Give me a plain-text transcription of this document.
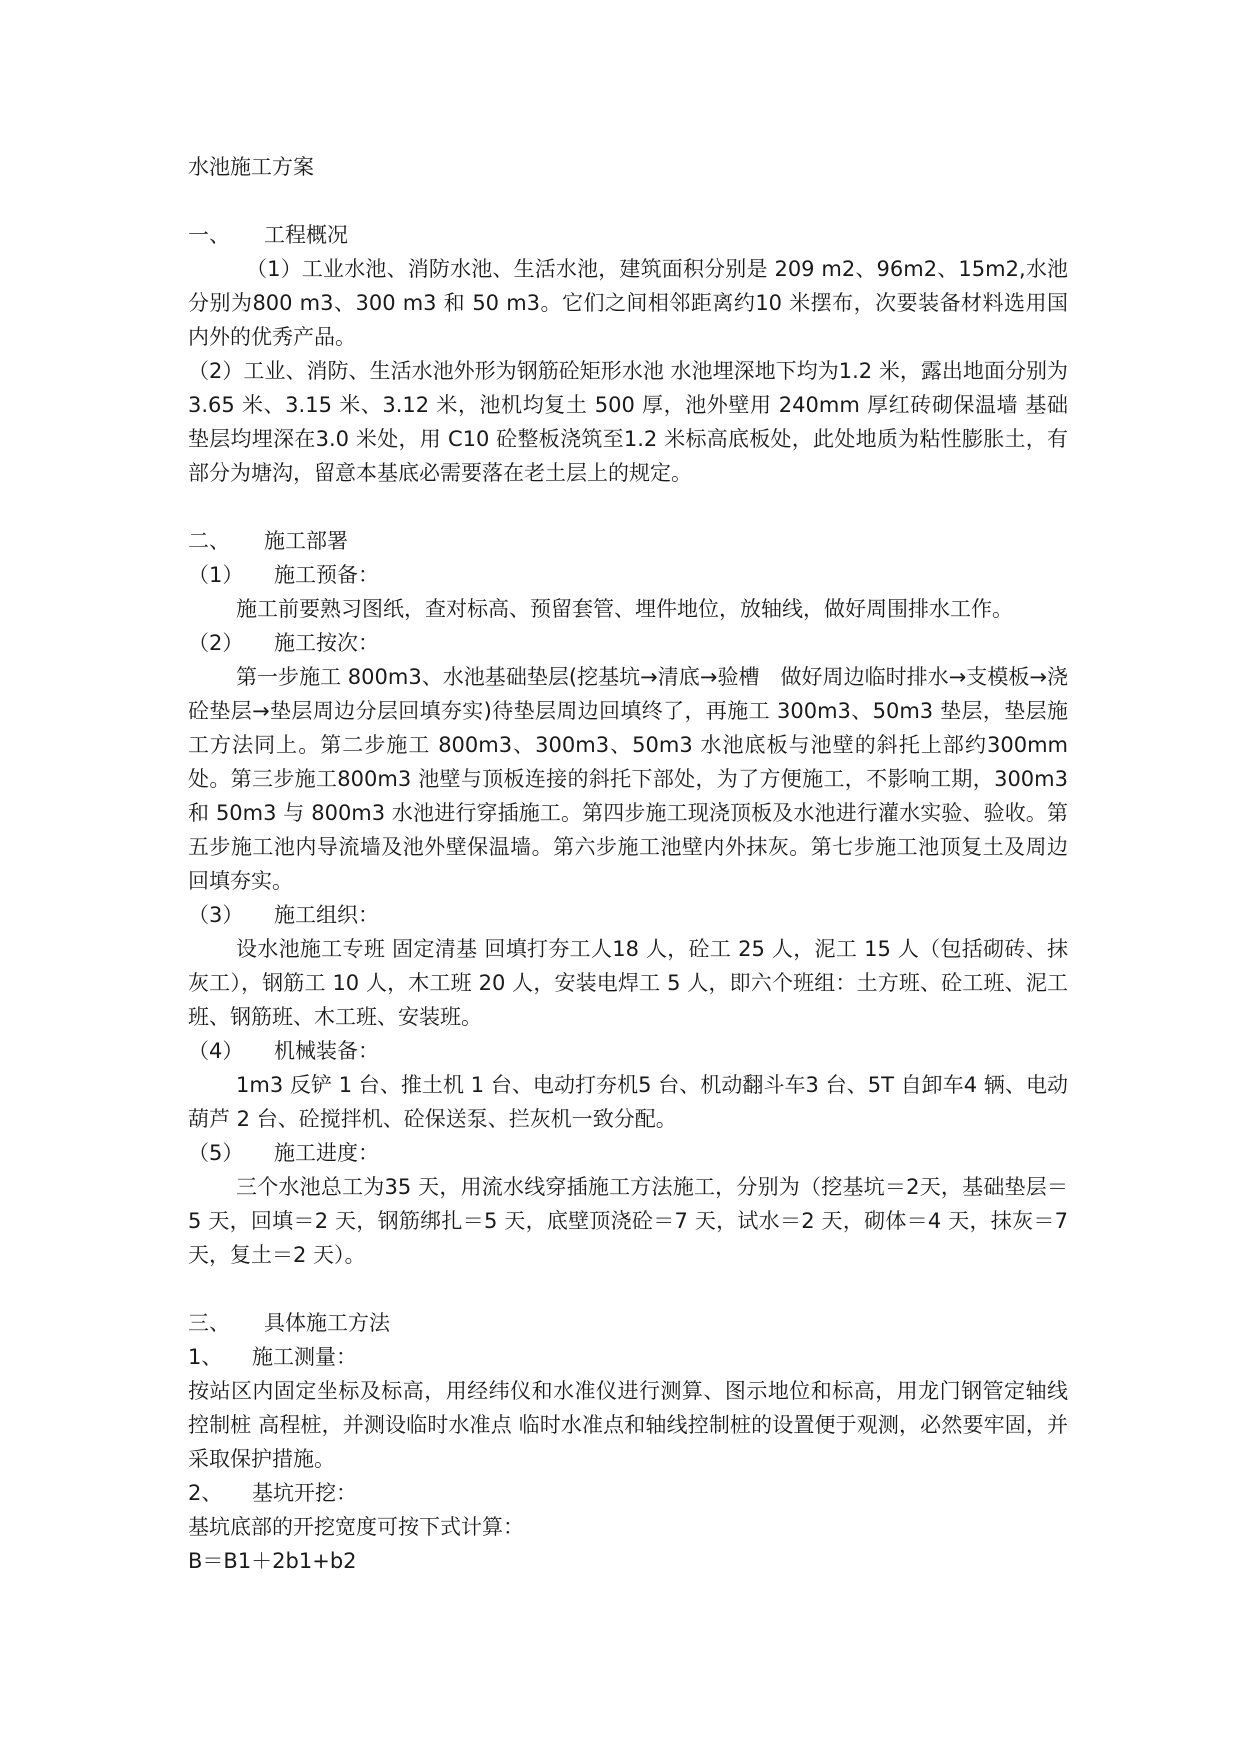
水池施工方案
一、	工程概况

（1）工业水池、消防水池、生活水池，建筑面积分别是 209 m2、96m2、15m2,水池分别为800 m3、300 m3 和 50 m3。它们之间相邻距离约10 米摆布，次要装备材料选用国内外的优秀产品。

（2）工业、消防、生活水池外形为钢筋砼矩形水池 水池埋深地下均为1.2 米，露出地面分别为 3.65 米、3.15 米、3.12 米，池机均复土 500 厚，池外壁用 240mm 厚红砖砌保温墙 基础垫层均埋深在3.0 米处，用 C10 砼整板浇筑至1.2 米标高底板处，此处地质为粘性膨胀土，有部分为塘沟，留意本基底必需要落在老土层上的规定。

二、	施工部署
（1）	施工预备：

施工前要熟习图纸，查对标高、预留套管、埋件地位，放轴线，做好周围排水工作。

（2）	施工按次：

第一步施工 800m3、水池基础垫层(挖基坑→清底→验槽　做好周边临时排水→支模板→浇砼垫层→垫层周边分层回填夯实)待垫层周边回填终了，再施工 300m3、50m3 垫层，垫层施工方法同上。第二步施工 800m3、300m3、50m3 水池底板与池壁的斜托上部约300mm 处。第三步施工800m3 池壁与顶板连接的斜托下部处，为了方便施工，不影响工期，300m3 和 50m3 与 800m3 水池进行穿插施工。第四步施工现浇顶板及水池进行灌水实验、验收。第五步施工池内导流墙及池外壁保温墙。第六步施工池壁内外抹灰。第七步施工池顶复土及周边回填夯实。

（3）	施工组织：

设水池施工专班 固定清基 回填打夯工人18 人，砼工 25 人，泥工 15 人（包括砌砖、抹灰工），钢筋工 10 人，木工班 20 人，安装电焊工 5 人，即六个班组：土方班、砼工班、泥工班、钢筋班、木工班、安装班。

（4）	机械装备：

1m3 反铲 1 台、推土机 1 台、电动打夯机5 台、机动翻斗车3 台、5T 自卸车4 辆、电动葫芦 2 台、砼搅拌机、砼保送泵、拦灰机一致分配。

（5）	施工进度：

三个水池总工为35 天，用流水线穿插施工方法施工，分别为（挖基坑＝2天，基础垫层＝5 天，回填＝2 天，钢筋绑扎＝5 天，底壁顶浇砼＝7 天，试水＝2 天，砌体＝4 天，抹灰＝7 天，复土＝2 天）。

三、	具体施工方法
1、	施工测量：

按站区内固定坐标及标高，用经纬仪和水准仪进行测算、图示地位和标高，用龙门钢管定轴线控制桩 高程桩，并测设临时水准点 临时水准点和轴线控制桩的设置便于观测，必然要牢固，并采取保护措施。

2、	基坑开挖：

基坑底部的开挖宽度可按下式计算：

B＝B1＋2b1+b2
